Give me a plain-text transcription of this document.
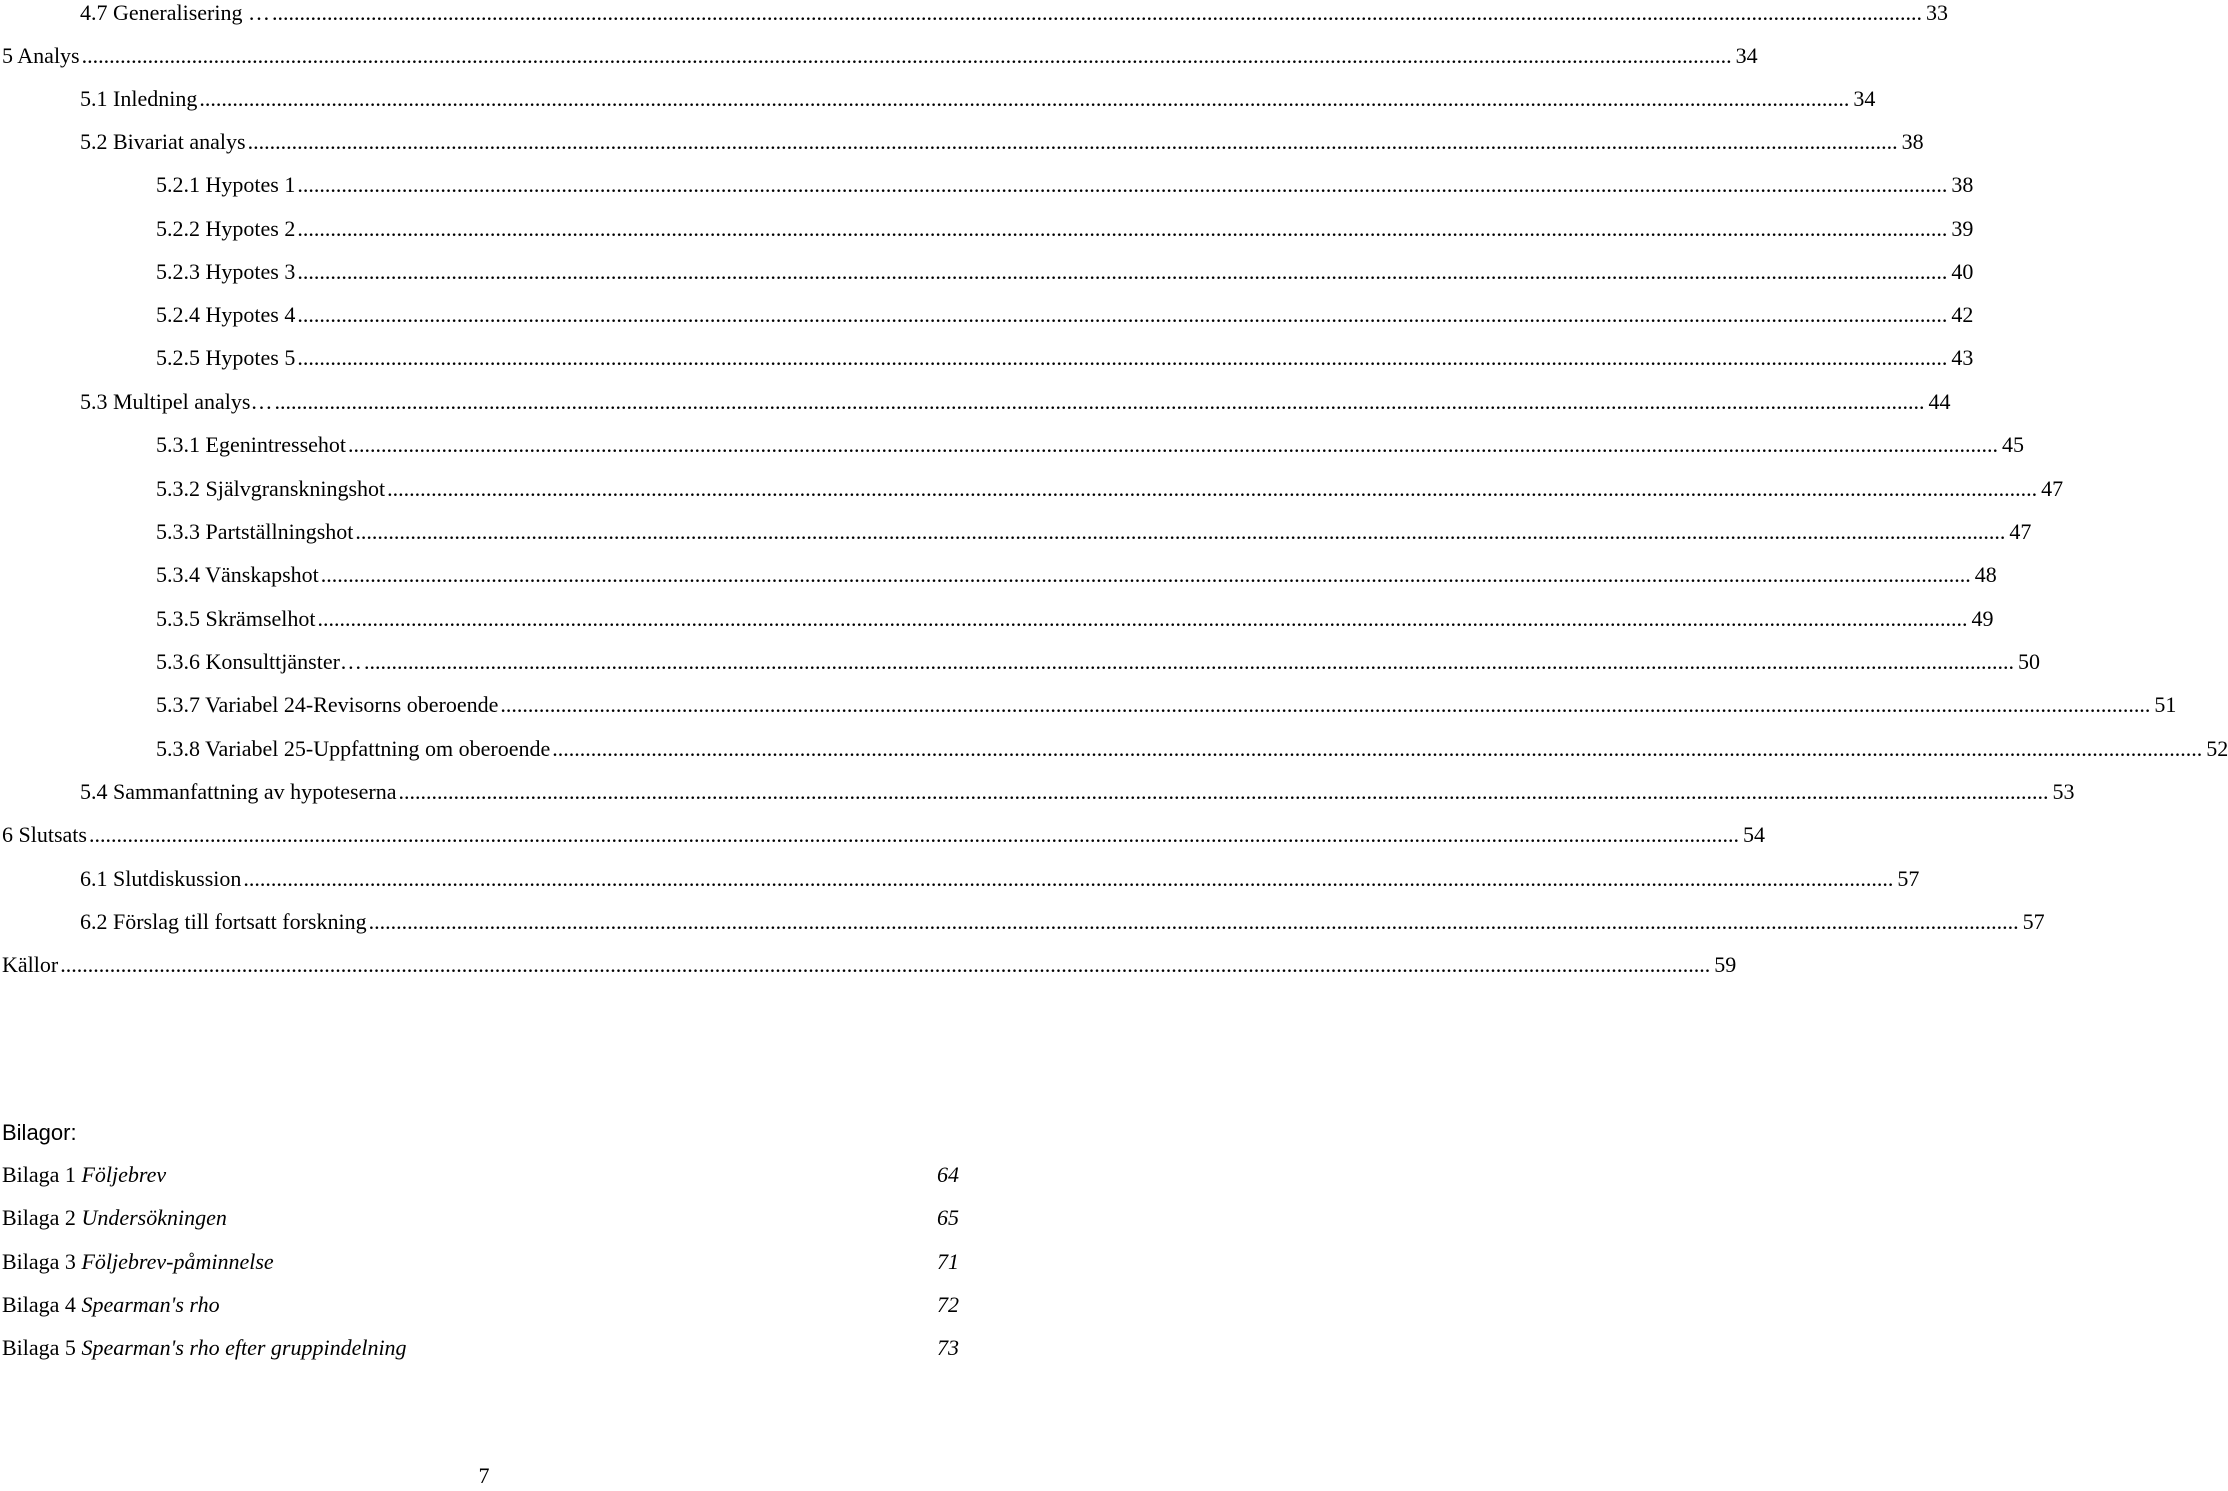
4.7 Generalisering … ............................................................................................................................................................................................................................................................................................................ 33
5 Analys ............................................................................................................................................................................................................................................................................................................ 34
5.1 Inledning ............................................................................................................................................................................................................................................................................................................ 34
5.2 Bivariat analys ............................................................................................................................................................................................................................................................................................................ 38
5.2.1 Hypotes 1 ............................................................................................................................................................................................................................................................................................................ 38
5.2.2 Hypotes 2 ............................................................................................................................................................................................................................................................................................................ 39
5.2.3 Hypotes 3 ............................................................................................................................................................................................................................................................................................................ 40
5.2.4 Hypotes 4 ............................................................................................................................................................................................................................................................................................................ 42
5.2.5 Hypotes 5 ............................................................................................................................................................................................................................................................................................................ 43
5.3 Multipel analys… ............................................................................................................................................................................................................................................................................................................ 44
5.3.1 Egenintressehot ............................................................................................................................................................................................................................................................................................................ 45
5.3.2 Självgranskningshot ............................................................................................................................................................................................................................................................................................................ 47
5.3.3 Partställningshot ............................................................................................................................................................................................................................................................................................................ 47
5.3.4 Vänskapshot ............................................................................................................................................................................................................................................................................................................ 48
5.3.5 Skrämselhot ............................................................................................................................................................................................................................................................................................................ 49
5.3.6 Konsulttjänster… ............................................................................................................................................................................................................................................................................................................ 50
5.3.7 Variabel 24-Revisorns oberoende ............................................................................................................................................................................................................................................................................................................ 51
5.3.8 Variabel 25-Uppfattning om oberoende ............................................................................................................................................................................................................................................................................................................ 52
5.4 Sammanfattning av hypoteserna ............................................................................................................................................................................................................................................................................................................ 53
6 Slutsats ............................................................................................................................................................................................................................................................................................................ 54
6.1 Slutdiskussion ............................................................................................................................................................................................................................................................................................................ 57
6.2 Förslag till fortsatt forskning ............................................................................................................................................................................................................................................................................................................ 57
Källor ............................................................................................................................................................................................................................................................................................................ 59
Bilagor:
Bilaga 1 Följebrev	64
Bilaga 2 Undersökningen	65
Bilaga 3 Följebrev-påminnelse	71
Bilaga 4 Spearman's rho	72
Bilaga 5 Spearman's rho efter gruppindelning	73
7
